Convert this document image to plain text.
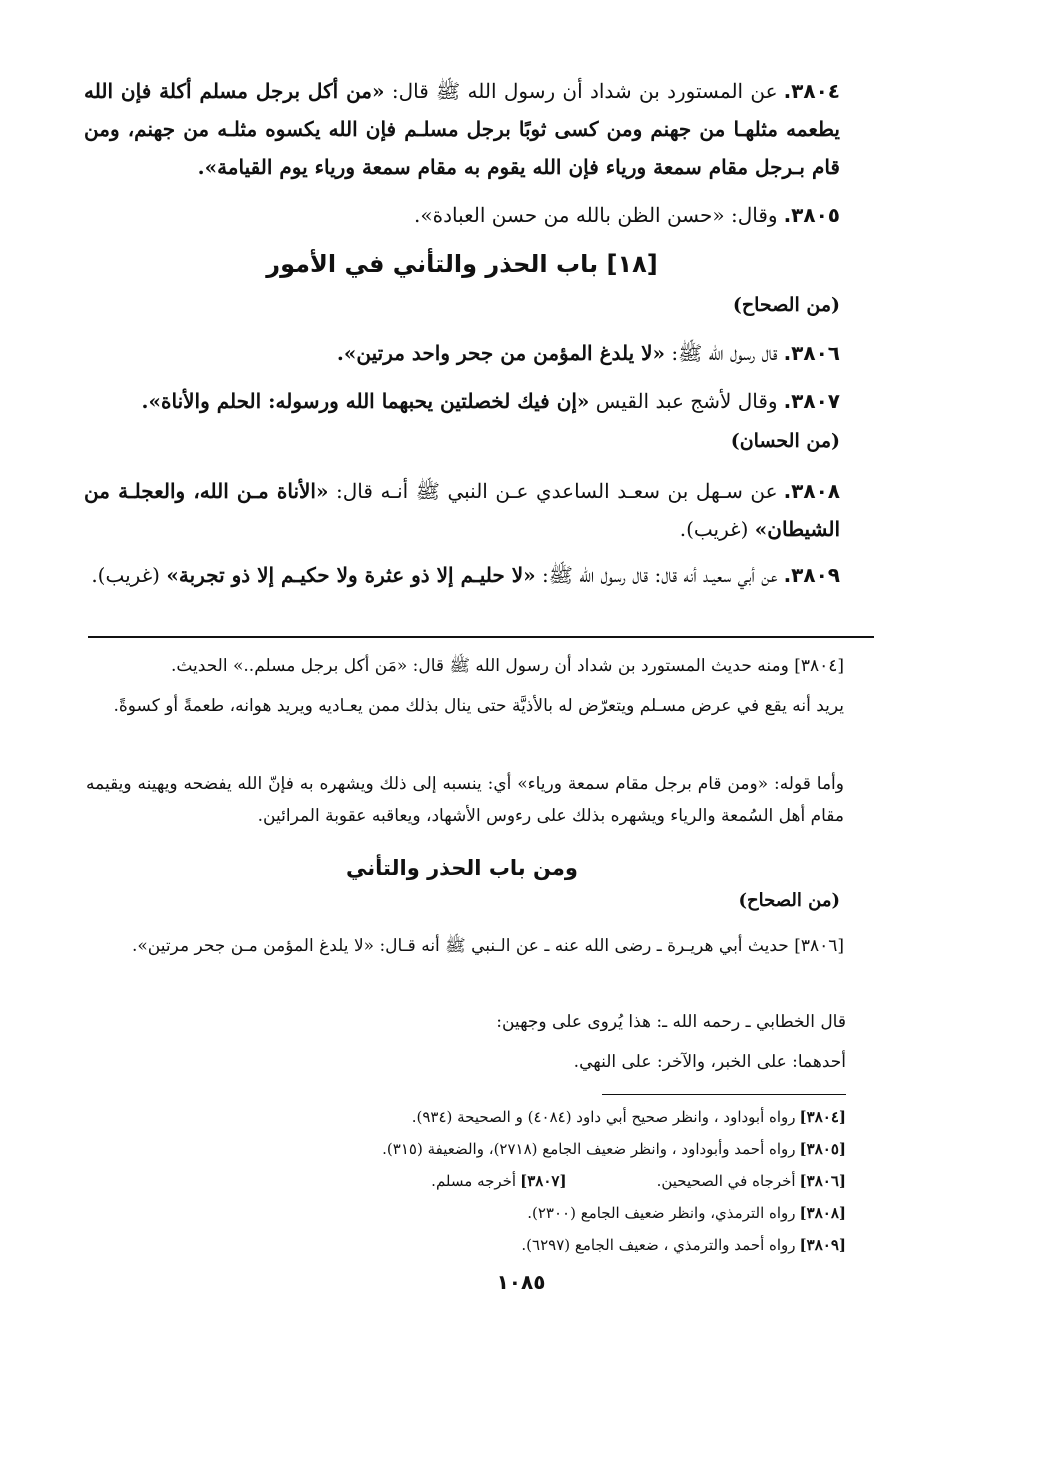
٣٨٠٤.عن المستورد بن شداد أن رسول الله ﷺ قال: «من أكل برجل مسلم أكلة فإن الله يطعمه مثلهـا من جهنم ومن كسى ثوبًا برجل مسلـم فإن الله يكسوه مثلـه من جهنم، ومن قام بـرجل مقام سمعة ورياء فإن الله يقوم به مقام سمعة ورياء يوم القيامة».

٣٨٠٥.وقال: «حسن الظن بالله من حسن العبادة».

[١٨] باب الحذر والتأني في الأمور
(من الصحاح)

٣٨٠٦.قال رسول الله ﷺ: «لا يلدغ المؤمن من جحر واحد مرتين».

٣٨٠٧.وقال لأشج عبد القيس «إن فيك لخصلتين يحبهما الله ورسوله: الحلم والأناة».

(من الحسان)

٣٨٠٨.عن سـهل بن سعـد الساعدي عـن النبي ﷺ أنـه قال: «الأناة مـن الله، والعجلـة من الشيطان» (غريب).

٣٨٠٩.عن أبي سعيـد أنه قال: قال رسول الله ﷺ: «لا حليـم إلا ذو عثرة ولا حكيـم إلا ذو تجربة» (غريب).

[٣٨٠٤] ومنه حديث المستورد بن شداد أن رسول الله ﷺ قال: «مَن أكل برجل مسلم..» الحديث.
يريد أنه يقع في عرض مسـلم ويتعرّض له بالأذيَّة حتى ينال بذلك ممن يعـاديه ويريد هوانه، طعمةً أو كسوةً.
وأما قوله: «ومن قام برجل مقام سمعة ورياء» أي: ينسبه إلى ذلك ويشهره به فإنّ الله يفضحه ويهينه ويقيمه مقام أهل السُمعة والرياء ويشهره بذلك على رءوس الأشهاد، ويعاقبه عقوبة المرائين.
ومن باب الحذر والتأني
(من الصحاح)
[٣٨٠٦] حديث أبي هريـرة ـ رضى الله عنه ـ عن الـنبي ﷺ أنه قـال: «لا يلدغ المؤمن مـن جحر مرتين».
قال الخطابي ـ رحمه الله ـ: هذا يُروى على وجهين:
أحدهما: على الخبر، والآخر: على النهي.
[٣٨٠٤]رواه أبوداود ، وانظر صحيح أبي داود (٤٠٨٤) و الصحيحة (٩٣٤).
[٣٨٠٥]رواه أحمد وأبوداود ، وانظر ضعيف الجامع (٢٧١٨)، والضعيفة (٣١٥).
[٣٨٠٦]أخرجاه في الصحيحين.[٣٨٠٧]أخرجه مسلم.
[٣٨٠٨]رواه الترمذي، وانظر ضعيف الجامع (٢٣٠٠).
[٣٨٠٩]رواه أحمد والترمذي ، ضعيف الجامع (٦٢٩٧).
١٠٨٥
